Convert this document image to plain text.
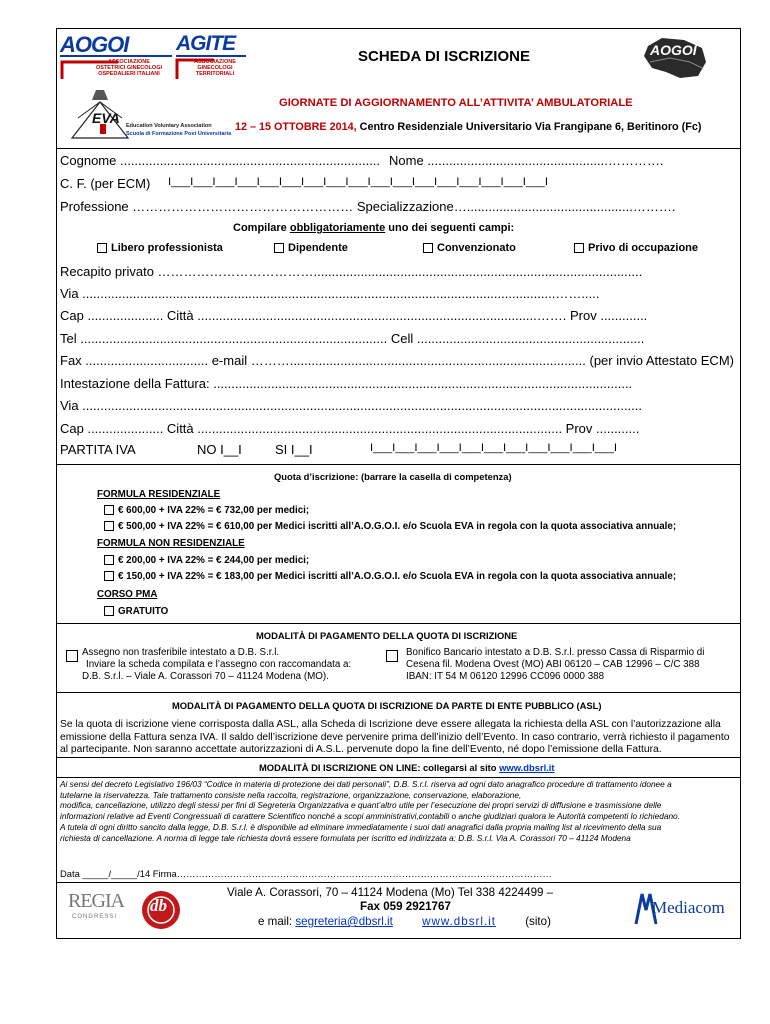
AOGOI
ASSOCIAZIONE
OSTETRICI GINECOLOGI
OSPEDALIERI ITALIANI
AGITE
ASSOCIAZIONE
GINECOLOGI
TERRITORIALI
AOGOI
SCHEDA DI ISCRIZIONE
EVA Education Voluntary Association
Scuola di Formazione Post Universitaria
GIORNATE DI AGGIORNAMENTO ALL’ATTIVITA’ AMBULATORIALE
12 – 15 OTTOBRE 2014, Centro Residenziale Universitario Via Frangipane 6, Beritinoro (Fc)
Cognome ........................................................................ Nome ..................................................………….
C. F. (per ECM) I___I___I___I___I___I___I___I___I___I___I___I___I___I___I___I___I___I
Professione …………………………………………… Specializzazione…..............................................……….
Compilare obbligatoriamente uno dei seguenti campi:
Libero professionista	Dipendente	Convenzionato	Privo di occupazione
Recapito privato ………………………………...........................................................................................
Via ...................................................................................................................................…….....
Cap ..................... Città ..............................................................................................……. Prov .............
Tel ..................................................................................... Cell ...............................................................
Fax .................................. e-mail ……….................................................................................. (per invio Attestato ECM)
Intestazione della Fattura: ....................................................................................................................
Via ...........................................................................................................................................................
Cap ..................... Città ..................................................................................................... Prov ............
PARTITA IVA	NO I__I	SI I__I	I___I___I___I___I___I___I___I___I___I___I___I
Quota d’iscrizione: (barrare la casella di competenza)
FORMULA RESIDENZIALE
€ 600,00 + IVA 22% = € 732,00 per medici;
€ 500,00 + IVA 22% = € 610,00 per Medici iscritti all’A.O.G.O.I. e/o Scuola EVA in regola con la quota associativa annuale;
FORMULA NON RESIDENZIALE
€ 200,00 + IVA 22% = € 244,00 per medici;
€ 150,00 + IVA 22% = € 183,00 per Medici iscritti all’A.O.G.O.I. e/o Scuola EVA in regola con la quota associativa annuale;
CORSO PMA
GRATUITO
MODALITÀ DI PAGAMENTO DELLA QUOTA DI ISCRIZIONE
Assegno non trasferibile intestato a D.B. S.r.l.
Inviare la scheda compilata e l’assegno con raccomandata a:
D.B. S.r.l. – Viale A. Corassori 70 – 41124 Modena (MO).
Bonifico Bancario intestato a D.B. S.r.l. presso Cassa di Risparmio di
Cesena fil. Modena Ovest (MO) ABI 06120 – CAB 12996 – C/C 388
IBAN: IT 54 M 06120 12996 CC096 0000 388
MODALITÀ DI PAGAMENTO DELLA QUOTA DI ISCRIZIONE DA PARTE DI ENTE PUBBLICO (ASL)
Se la quota di iscrizione viene corrisposta dalla ASL, alla Scheda di Iscrizione deve essere allegata la richiesta della ASL con l’autorizzazione alla
emissione della Fattura senza IVA. Il saldo dell’iscrizione deve pervenire prima dell’inizio dell’Evento. In caso contrario, verrà richiesto il pagamento
al partecipante. Non saranno accettate autorizzazioni di A.S.L. pervenute dopo la fine dell’Evento, né dopo l’emissione della Fattura.
MODALITÀ DI ISCRIZIONE ON LINE: collegarsi al sito www.dbsrl.it
Ai sensi del decreto Legislativo 196/03 “Codice in materia di protezione dei dati personali”, D.B. S.r.l. riserva ad ogni dato anagrafico procedure di trattamento idonee a
tutelarne la riservatezza. Tale trattamento consiste nella raccolta, registrazione, organizzazione, conservazione, elaborazione,
modifica, cancellazione, utilizzo degli stessi per fini di Segreteria Organizzativa e quant’altro utile per l’esecuzione dei propri servizi di diffusione e trasmissione delle
informazioni relative ad Eventi Congressuali di carattere Scientifico nonché a scopi amministrativi,contabili o anche giudiziari qualora le Autorità competenti lo richiedano.
A tutela di ogni diritto sancito dalla legge, D.B. S.r.l. è disponibile ad eliminare immediatamente i suoi dati anagrafici dalla propria mailing list al ricevimento della sua
richiesta di cancellazione. A norma di legge tale richiesta dovrà essere formulata per iscritto ed indirizzata a: D.B. S.r.l. Via A. Corassori 70 – 41124 Modena
Data _____/_____/14 Firma…………………………………………………………………………………………………………
REGIA
CONGRESSI
db
Viale A. Corassori, 70 – 41124 Modena (Mo) Tel 338 4224499 –
Fax 059 2921767
e mail: segreteria@dbsrl.it	www.dbsrl.it	(sito)
Mediacom
